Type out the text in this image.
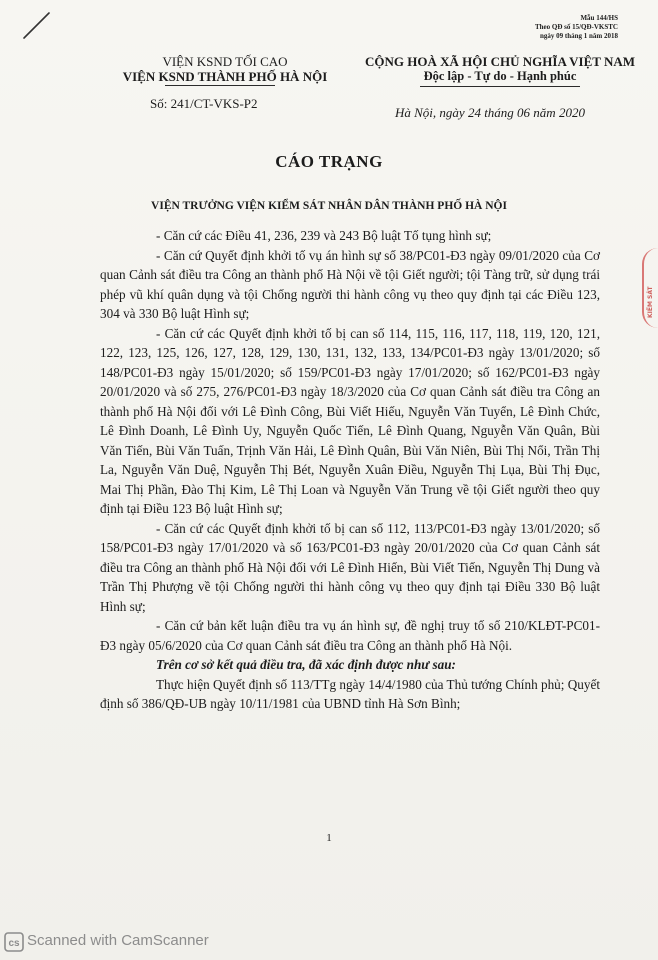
Mẫu 144/HS
Theo QĐ số 15/QĐ-VKSTC
ngày 09 tháng 1 năm 2018
VIỆN KSND TỐI CAO
VIỆN KSND THÀNH PHỐ HÀ NỘI
CỘNG HOÀ XÃ HỘI CHỦ NGHĨA VIỆT NAM
Độc lập - Tự do - Hạnh phúc
Số: 241/CT-VKS-P2
Hà Nội, ngày 24 tháng 06 năm 2020
CÁO TRẠNG
VIỆN TRƯỞNG VIỆN KIỂM SÁT NHÂN DÂN THÀNH PHỐ HÀ NỘI

- Căn cứ các Điều 41, 236, 239 và 243 Bộ luật Tố tụng hình sự;

- Căn cứ Quyết định khởi tố vụ án hình sự số 38/PC01-Đ3 ngày 09/01/2020 của Cơ quan Cảnh sát điều tra Công an thành phố Hà Nội về tội Giết người; tội Tàng trữ, sử dụng trái phép vũ khí quân dụng và tội Chống người thi hành công vụ theo quy định tại các Điều 123, 304 và 330 Bộ luật Hình sự;

- Căn cứ các Quyết định khởi tố bị can số 114, 115, 116, 117, 118, 119, 120, 121, 122, 123, 125, 126, 127, 128, 129, 130, 131, 132, 133, 134/PC01-Đ3 ngày 13/01/2020; số 148/PC01-Đ3 ngày 15/01/2020; số 159/PC01-Đ3 ngày 17/01/2020; số 162/PC01-Đ3 ngày 20/01/2020 và số 275, 276/PC01-Đ3 ngày 18/3/2020 của Cơ quan Cảnh sát điều tra Công an thành phố Hà Nội đối với Lê Đình Công, Bùi Viết Hiếu, Nguyễn Văn Tuyển, Lê Đình Chức, Lê Đình Doanh, Lê Đình Uy, Nguyễn Quốc Tiến, Lê Đình Quang, Nguyễn Văn Quân, Bùi Văn Tiến, Bùi Văn Tuấn, Trịnh Văn Hải, Lê Đình Quân, Bùi Văn Niên, Bùi Thị Nổi, Trần Thị La, Nguyễn Văn Duệ, Nguyễn Thị Bét, Nguyễn Xuân Điều, Nguyễn Thị Lụa, Bùi Thị Đục, Mai Thị Phần, Đào Thị Kim, Lê Thị Loan và Nguyễn Văn Trung về tội Giết người theo quy định tại Điều 123 Bộ luật Hình sự;

- Căn cứ các Quyết định khởi tố bị can số 112, 113/PC01-Đ3 ngày 13/01/2020; số 158/PC01-Đ3 ngày 17/01/2020 và số 163/PC01-Đ3 ngày 20/01/2020 của Cơ quan Cảnh sát điều tra Công an thành phố Hà Nội đối với Lê Đình Hiển, Bùi Viết Tiến, Nguyễn Thị Dung và Trần Thị Phượng về tội Chống người thi hành công vụ theo quy định tại Điều 330 Bộ luật Hình sự;

- Căn cứ bản kết luận điều tra vụ án hình sự, đề nghị truy tố số 210/KLĐT-PC01-Đ3 ngày 05/6/2020 của Cơ quan Cảnh sát điều tra Công an thành phố Hà Nội.

Trên cơ sở kết quả điều tra, đã xác định được như sau:

Thực hiện Quyết định số 113/TTg ngày 14/4/1980 của Thủ tướng Chính phủ; Quyết định số 386/QĐ-UB ngày 10/11/1981 của UBND tỉnh Hà Sơn Bình;

1
KIỂM SÁT
cs Scanned with CamScanner
